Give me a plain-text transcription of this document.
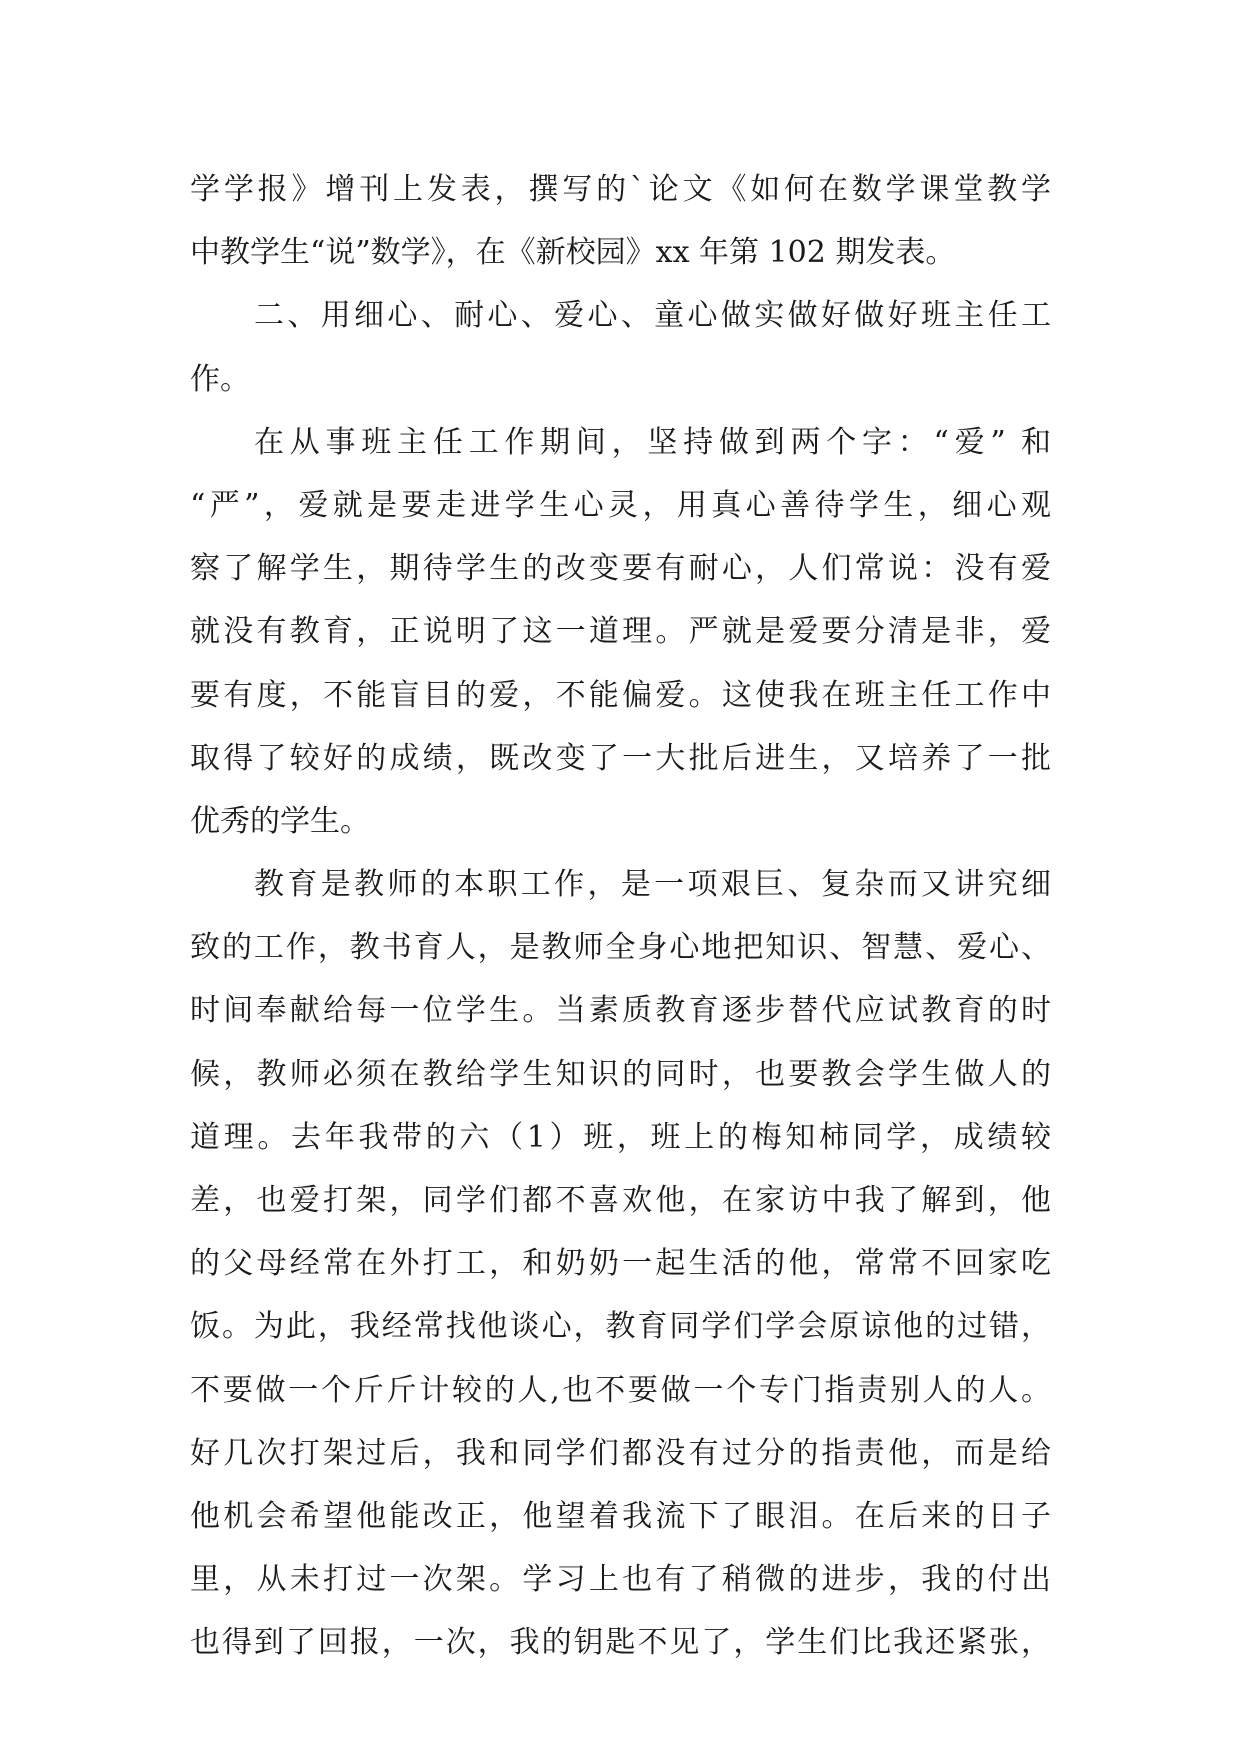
学学报》增刊上发表，撰写的`论文《如何在数学课堂教学
中教学生“说”数学》，在《新校园》xx 年第 102 期发表。
二、用细心、耐心、爱心、童心做实做好做好班主任工
作。
在从事班主任工作期间，坚持做到两个字：“爱” 和
“严”，爱就是要走进学生心灵，用真心善待学生，细心观
察了解学生，期待学生的改变要有耐心，人们常说：没有爱
就没有教育，正说明了这一道理。严就是爱要分清是非，爱
要有度，不能盲目的爱，不能偏爱。这使我在班主任工作中
取得了较好的成绩，既改变了一大批后进生，又培养了一批
优秀的学生。
教育是教师的本职工作，是一项艰巨、复杂而又讲究细
致的工作，教书育人，是教师全身心地把知识、智慧、爱心、
时间奉献给每一位学生。当素质教育逐步替代应试教育的时
候，教师必须在教给学生知识的同时，也要教会学生做人的
道理。去年我带的六（1）班，班上的梅知柿同学，成绩较
差，也爱打架，同学们都不喜欢他，在家访中我了解到，他
的父母经常在外打工，和奶奶一起生活的他，常常不回家吃
饭。为此，我经常找他谈心，教育同学们学会原谅他的过错，
不要做一个斤斤计较的人,也不要做一个专门指责别人的人。
好几次打架过后，我和同学们都没有过分的指责他，而是给
他机会希望他能改正，他望着我流下了眼泪。在后来的日子
里，从未打过一次架。学习上也有了稍微的进步，我的付出
也得到了回报，一次，我的钥匙不见了，学生们比我还紧张，
